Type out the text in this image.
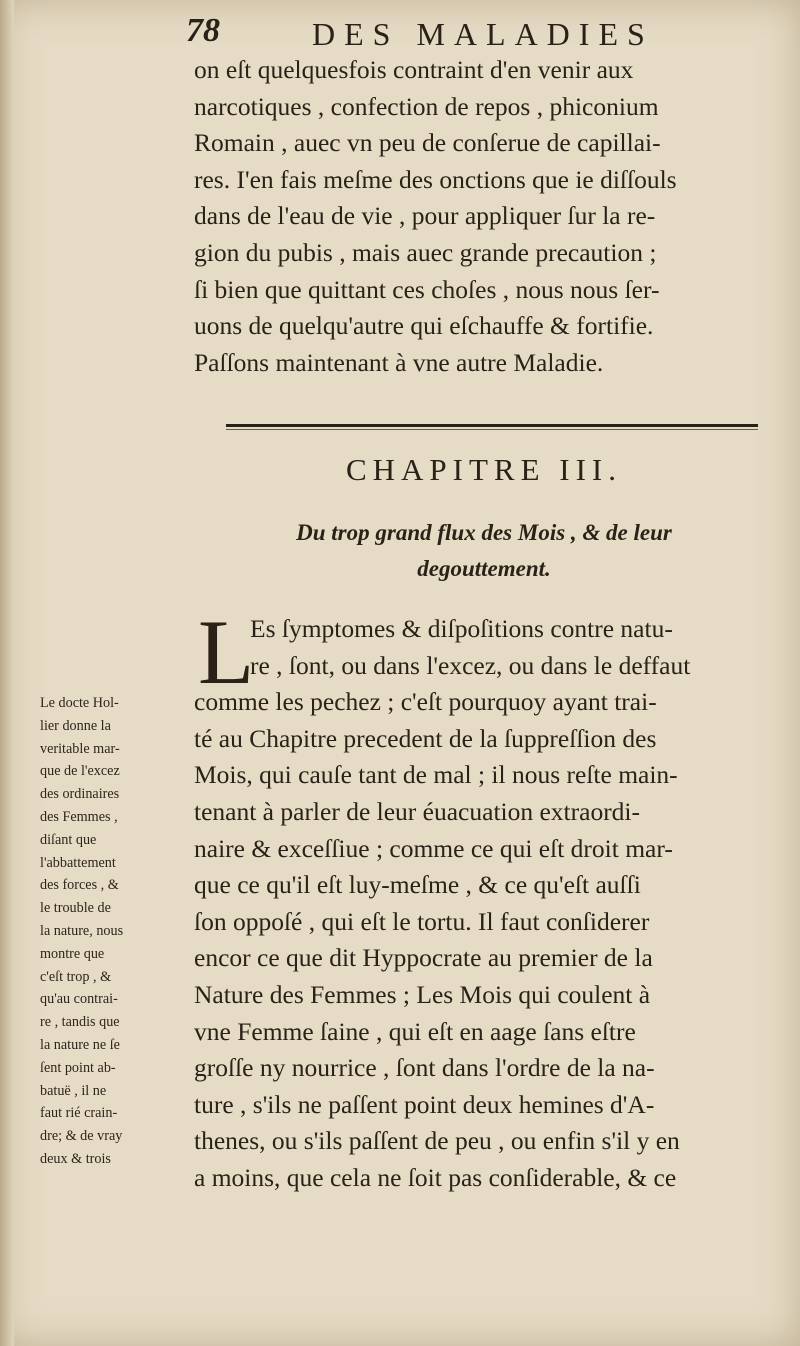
78	DES MALADIES
on eſt quelquesfois contraint d'en venir aux
narcotiques , confection de repos , phiconium
Romain , auec vn peu de conſerue de capillai-
res. I'en fais meſme des onctions que ie diſſouls
dans de l'eau de vie , pour appliquer ſur la re-
gion du pubis , mais auec grande precaution ;
ſi bien que quittant ces choſes , nous nous ſer-
uons de quelqu'autre qui eſchauffe & fortifie.
Paſſons maintenant à vne autre Maladie.
CHAPITRE III.
Du trop grand flux des Mois , & de leur
degouttement.
L
Es ſymptomes & diſpoſitions contre natu-
re , ſont, ou dans l'excez, ou dans le deffaut
comme les pechez ; c'eſt pourquoy ayant trai-
té au Chapitre precedent de la ſuppreſſion des
Mois, qui cauſe tant de mal ; il nous reſte main-
tenant à parler de leur éuacuation extraordi-
naire & exceſſiue ; comme ce qui eſt droit mar-
que ce qu'il eſt luy-meſme , & ce qu'eſt auſſi
ſon oppoſé , qui eſt le tortu. Il faut conſiderer
encor ce que dit Hyppocrate au premier de la
Nature des Femmes ; Les Mois qui coulent à
vne Femme ſaine , qui eſt en aage ſans eſtre
groſſe ny nourrice , ſont dans l'ordre de la na-
ture , s'ils ne paſſent point deux hemines d'A-
thenes, ou s'ils paſſent de peu , ou enfin s'il y en
a moins, que cela ne ſoit pas conſiderable, & ce
Le docte Hol-
lier donne la
veritable mar-
que de l'excez
des ordinaires
des Femmes ,
diſant que
l'abbattement
des forces , &
le trouble de
la nature, nous
montre que
c'eſt trop , &
qu'au contrai-
re , tandis que
la nature ne ſe
ſent point ab-
batuë , il ne
faut rié crain-
dre; & de vray
deux & trois
